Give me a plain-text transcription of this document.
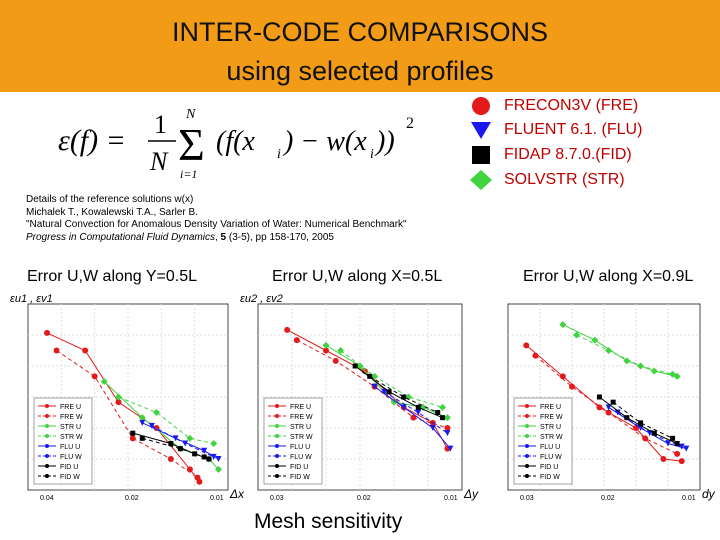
INTER-CODE COMPARISONS
using selected profiles
ε(f) = 1
N
N
Σ
i=1
(f(x i ) − w(x i ))
2
FRECON3V (FRE)
FLUENT 6.1. (FLU)
FIDAP 8.7.0.(FID)
SOLVSTR (STR)
Details of the reference solutions w(x)
Michalek T., Kowalewski T.A., Sarler B.
"Natural Convection for Anomalous Density Variation of Water: Numerical Benchmark"
Progress in Computational Fluid Dynamics, 5 (3-5), pp 158-170, 2005
Error U,W along Y=0.5L	Error U,W along X=0.5L	Error U,W along X=0.9L
εu1 , εv1
Δx
0.04	0.02	0.01
FRE U
FRE W
STR U
STR W
FLU U
FLU W
FID U
FID W
εu2 , εv2
Δy
0.03	0.02	0.01
FRE U
FRE W
STR U
STR W
FLU U
FLU W
FID U
FID W
dy
0.03	0.02	0.01
FRE U
FRE W
STR U
STR W
FLU U
FLU W
FID U
FID W
Mesh sensitivity
